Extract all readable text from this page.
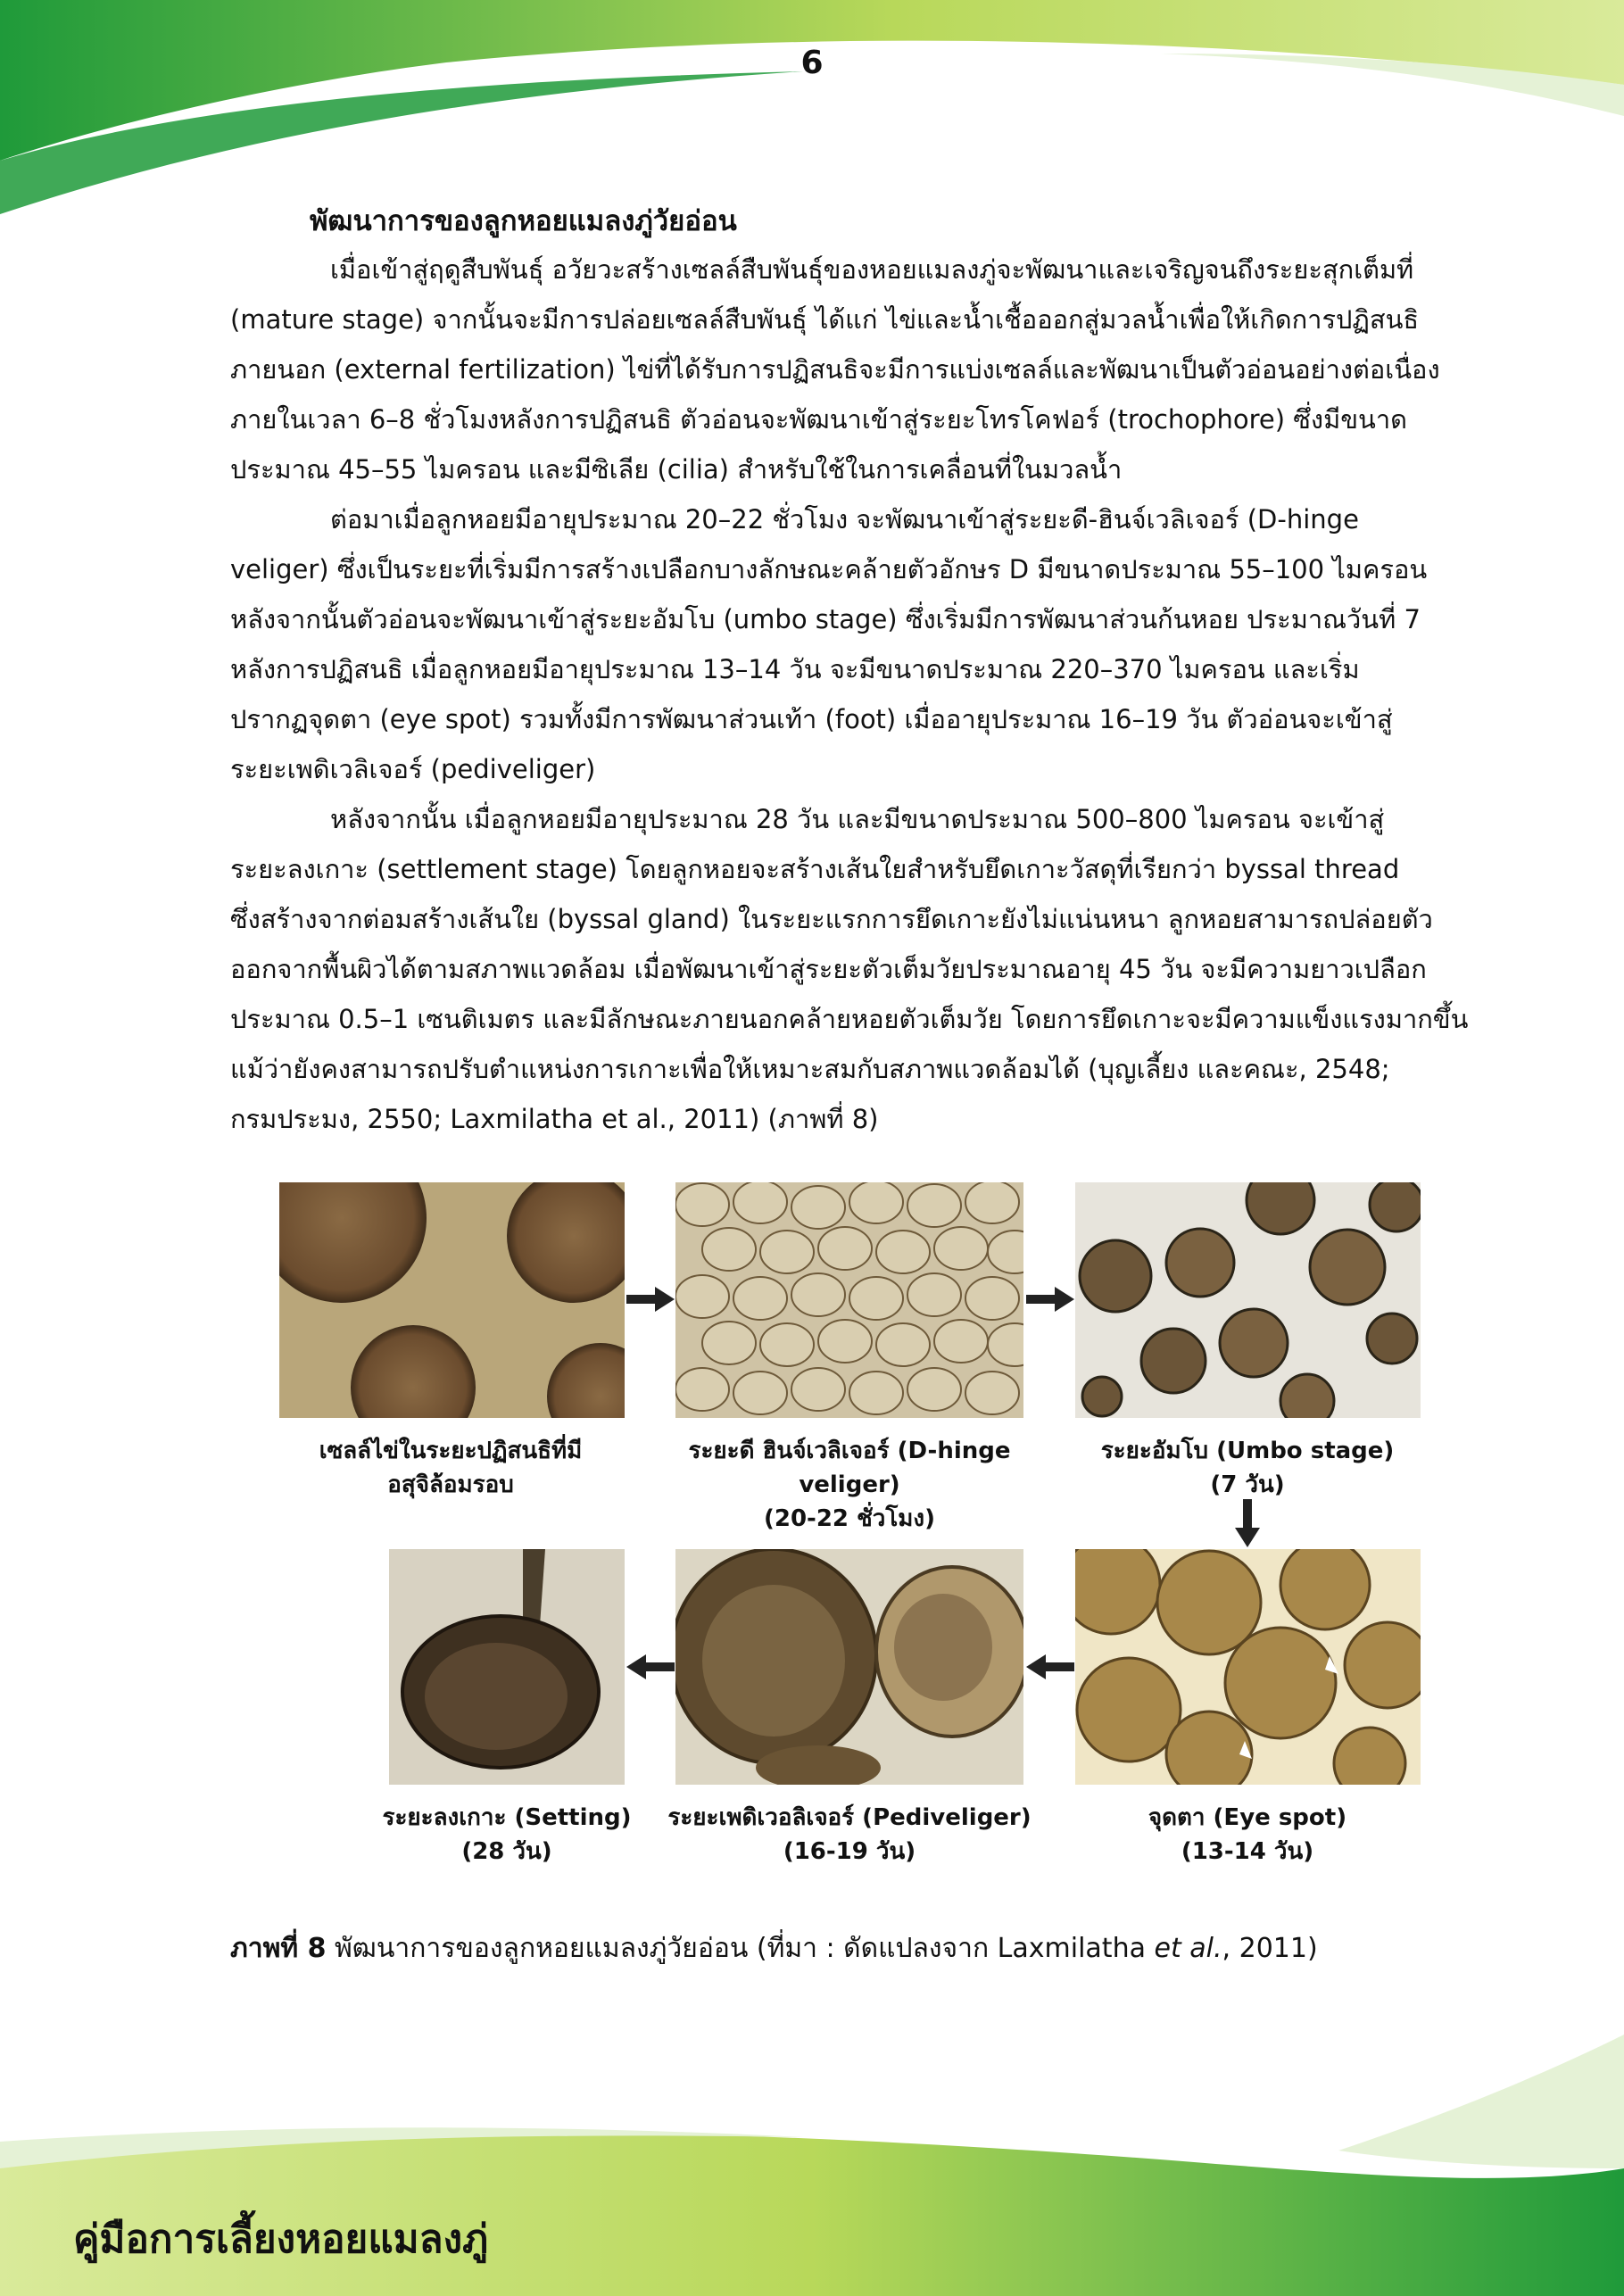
6
พัฒนาการของลูกหอยแมลงภู่วัยอ่อน
เมื่อเข้าสู่ฤดูสืบพันธุ์ อวัยวะสร้างเซลล์สืบพันธุ์ของหอยแมลงภู่จะพัฒนาและเจริญจนถึงระยะสุกเต็มที่
(mature stage) จากนั้นจะมีการปล่อยเซลล์สืบพันธุ์ ได้แก่ ไข่และน้ำเชื้อออกสู่มวลน้ำเพื่อให้เกิดการปฏิสนธิ
ภายนอก (external fertilization) ไข่ที่ได้รับการปฏิสนธิจะมีการแบ่งเซลล์และพัฒนาเป็นตัวอ่อนอย่างต่อเนื่อง
ภายในเวลา 6–8 ชั่วโมงหลังการปฏิสนธิ ตัวอ่อนจะพัฒนาเข้าสู่ระยะโทรโคฟอร์ (trochophore) ซึ่งมีขนาด
ประมาณ 45–55 ไมครอน และมีซิเลีย (cilia) สำหรับใช้ในการเคลื่อนที่ในมวลน้ำ
ต่อมาเมื่อลูกหอยมีอายุประมาณ 20–22 ชั่วโมง จะพัฒนาเข้าสู่ระยะดี-ฮินจ์เวลิเจอร์ (D-hinge
veliger) ซึ่งเป็นระยะที่เริ่มมีการสร้างเปลือกบางลักษณะคล้ายตัวอักษร D มีขนาดประมาณ 55–100 ไมครอน
หลังจากนั้นตัวอ่อนจะพัฒนาเข้าสู่ระยะอัมโบ (umbo stage) ซึ่งเริ่มมีการพัฒนาส่วนก้นหอย ประมาณวันที่ 7
หลังการปฏิสนธิ เมื่อลูกหอยมีอายุประมาณ 13–14 วัน จะมีขนาดประมาณ 220–370 ไมครอน และเริ่ม
ปรากฏจุดตา (eye spot) รวมทั้งมีการพัฒนาส่วนเท้า (foot) เมื่ออายุประมาณ 16–19 วัน ตัวอ่อนจะเข้าสู่
ระยะเพดิเวลิเจอร์ (pediveliger)
หลังจากนั้น เมื่อลูกหอยมีอายุประมาณ 28 วัน และมีขนาดประมาณ 500–800 ไมครอน จะเข้าสู่
ระยะลงเกาะ (settlement stage) โดยลูกหอยจะสร้างเส้นใยสำหรับยึดเกาะวัสดุที่เรียกว่า byssal thread
ซึ่งสร้างจากต่อมสร้างเส้นใย (byssal gland) ในระยะแรกการยึดเกาะยังไม่แน่นหนา ลูกหอยสามารถปล่อยตัว
ออกจากพื้นผิวได้ตามสภาพแวดล้อม เมื่อพัฒนาเข้าสู่ระยะตัวเต็มวัยประมาณอายุ 45 วัน จะมีความยาวเปลือก
ประมาณ 0.5–1 เซนติเมตร และมีลักษณะภายนอกคล้ายหอยตัวเต็มวัย โดยการยึดเกาะจะมีความแข็งแรงมากขึ้น
แม้ว่ายังคงสามารถปรับตำแหน่งการเกาะเพื่อให้เหมาะสมกับสภาพแวดล้อมได้ (บุญเลี้ยง และคณะ, 2548;
กรมประมง, 2550; Laxmilatha et al., 2011) (ภาพที่ 8)
เซลล์ไข่ในระยะปฏิสนธิที่มี
อสุจิล้อมรอบ
ระยะดี ฮินจ์เวลิเจอร์ (D-hinge veliger)
(20-22 ชั่วโมง)
ระยะอัมโบ (Umbo stage)
(7 วัน)
จุดตา (Eye spot)
(13-14 วัน)
ระยะเพดิเวอลิเจอร์ (Pediveliger)
(16-19 วัน)
ระยะลงเกาะ (Setting)
(28 วัน)
ภาพที่ 8 พัฒนาการของลูกหอยแมลงภู่วัยอ่อน (ที่มา : ดัดแปลงจาก Laxmilatha et al., 2011)
คู่มือการเลี้ยงหอยแมลงภู่
